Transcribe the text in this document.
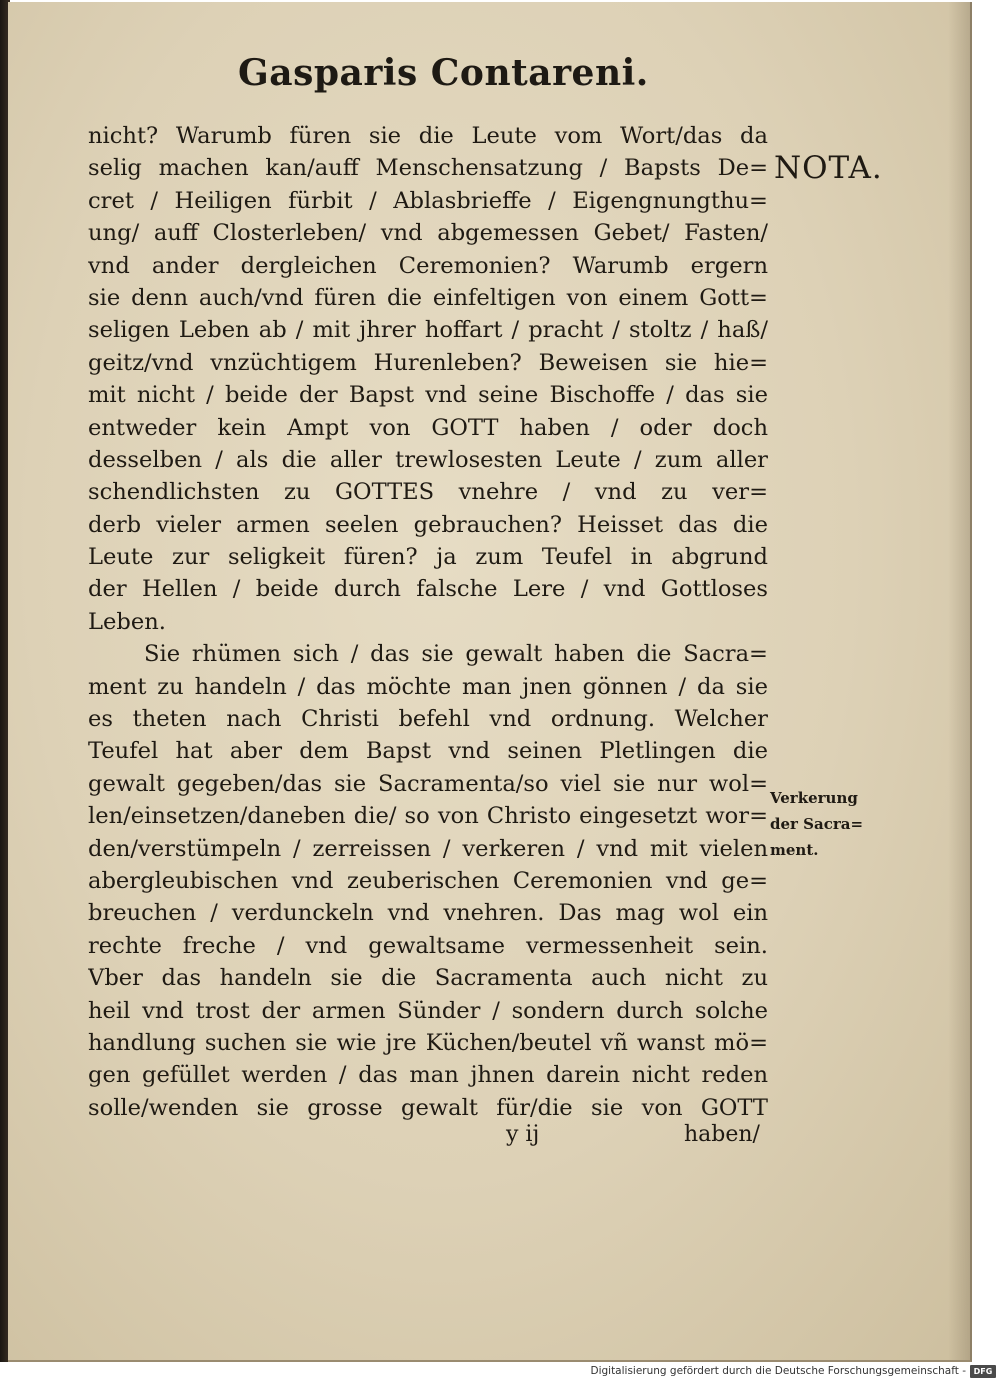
Gasparis Contareni.
nicht? Warumb füren sie die Leute vom Wort/das da
selig machen kan/auff Menschensatzung / Bapsts De=
cret / Heiligen fürbit / Ablasbrieffe / Eigengnungthu=
ung/ auff Closterleben/ vnd abgemessen Gebet/ Fasten/
vnd ander dergleichen Ceremonien? Warumb ergern
sie denn auch/vnd füren die einfeltigen von einem Gott=
seligen Leben ab / mit jhrer hoffart / pracht / stoltz / haß/
geitz/vnd vnzüchtigem Hurenleben? Beweisen sie hie=
mit nicht / beide der Bapst vnd seine Bischoffe / das sie
entweder kein Ampt von GOTT haben / oder doch
desselben / als die aller trewlosesten Leute / zum aller
schendlichsten zu GOTTES vnehre / vnd zu ver=
derb vieler armen seelen gebrauchen? Heisset das die
Leute zur seligkeit füren? ja zum Teufel in abgrund
der Hellen / beide durch falsche Lere / vnd Gottloses
Leben.
Sie rhümen sich / das sie gewalt haben die Sacra=
ment zu handeln / das möchte man jnen gönnen / da sie
es theten nach Christi befehl vnd ordnung. Welcher
Teufel hat aber dem Bapst vnd seinen Pletlingen die
gewalt gegeben/das sie Sacramenta/so viel sie nur wol=
len/einsetzen/daneben die/ so von Christo eingesetzt wor=
den/verstümpeln / zerreissen / verkeren / vnd mit vielen
abergleubischen vnd zeuberischen Ceremonien vnd ge=
breuchen / verdunckeln vnd vnehren. Das mag wol ein
rechte freche / vnd gewaltsame vermessenheit sein.
Vber das handeln sie die Sacramenta auch nicht zu
heil vnd trost der armen Sünder / sondern durch solche
handlung suchen sie wie jre Küchen/beutel vñ wanst mö=
gen gefüllet werden / das man jhnen darein nicht reden
solle/wenden sie grosse gewalt für/die sie von GOTT
NOTA.
Verkerung
der Sacra=
ment.
y ij	haben/
Digitalisierung gefördert durch die Deutsche Forschungsgemeinschaft - DFG
